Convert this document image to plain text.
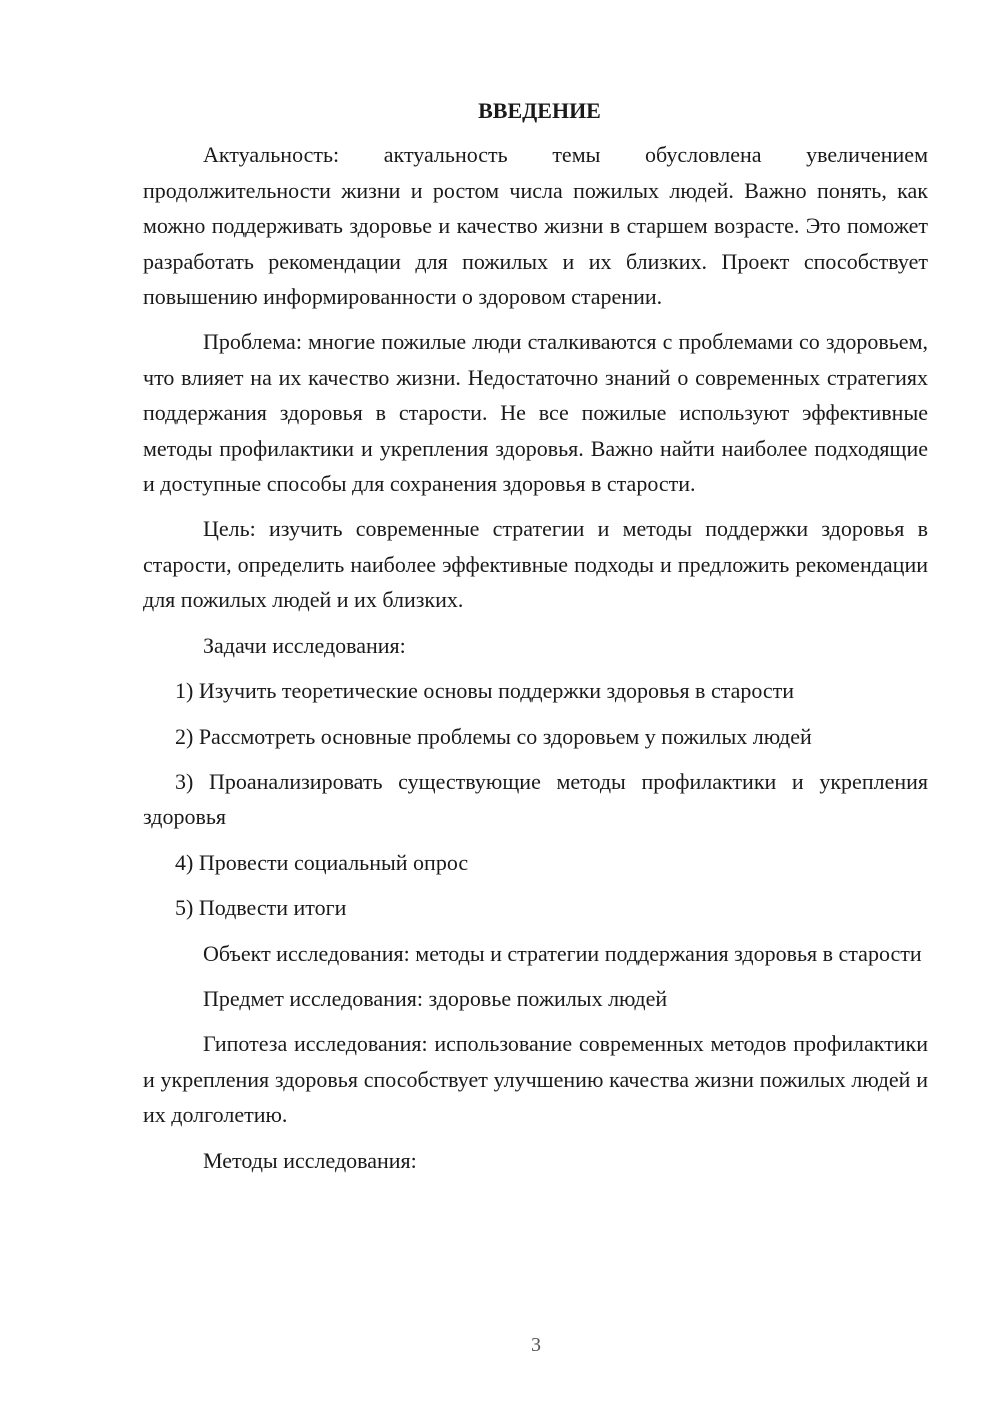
ВВЕДЕНИЕ

Актуальность: актуальность темы обусловлена увеличением продолжительности жизни и ростом числа пожилых людей. Важно понять, как можно поддерживать здоровье и качество жизни в старшем возрасте. Это поможет разработать рекомендации для пожилых и их близких. Проект способствует повышению информированности о здоровом старении.

Проблема: многие пожилые люди сталкиваются с проблемами со здоровьем, что влияет на их качество жизни. Недостаточно знаний о современных стратегиях поддержания здоровья в старости. Не все пожилые используют эффективные методы профилактики и укрепления здоровья. Важно найти наиболее подходящие и доступные способы для сохранения здоровья в старости.

Цель: изучить современные стратегии и методы поддержки здоровья в старости, определить наиболее эффективные подходы и предложить рекомендации для пожилых людей и их близких.

Задачи исследования:

1) Изучить теоретические основы поддержки здоровья в старости

2) Рассмотреть основные проблемы со здоровьем у пожилых людей

3) Проанализировать существующие методы профилактики и укрепления здоровья

4) Провести социальный опрос

5) Подвести итоги

Объект исследования: методы и стратегии поддержания здоровья в старости

Предмет исследования: здоровье пожилых людей

Гипотеза исследования: использование современных методов профилактики и укрепления здоровья способствует улучшению качества жизни пожилых людей и их долголетию.

Методы исследования:

3
